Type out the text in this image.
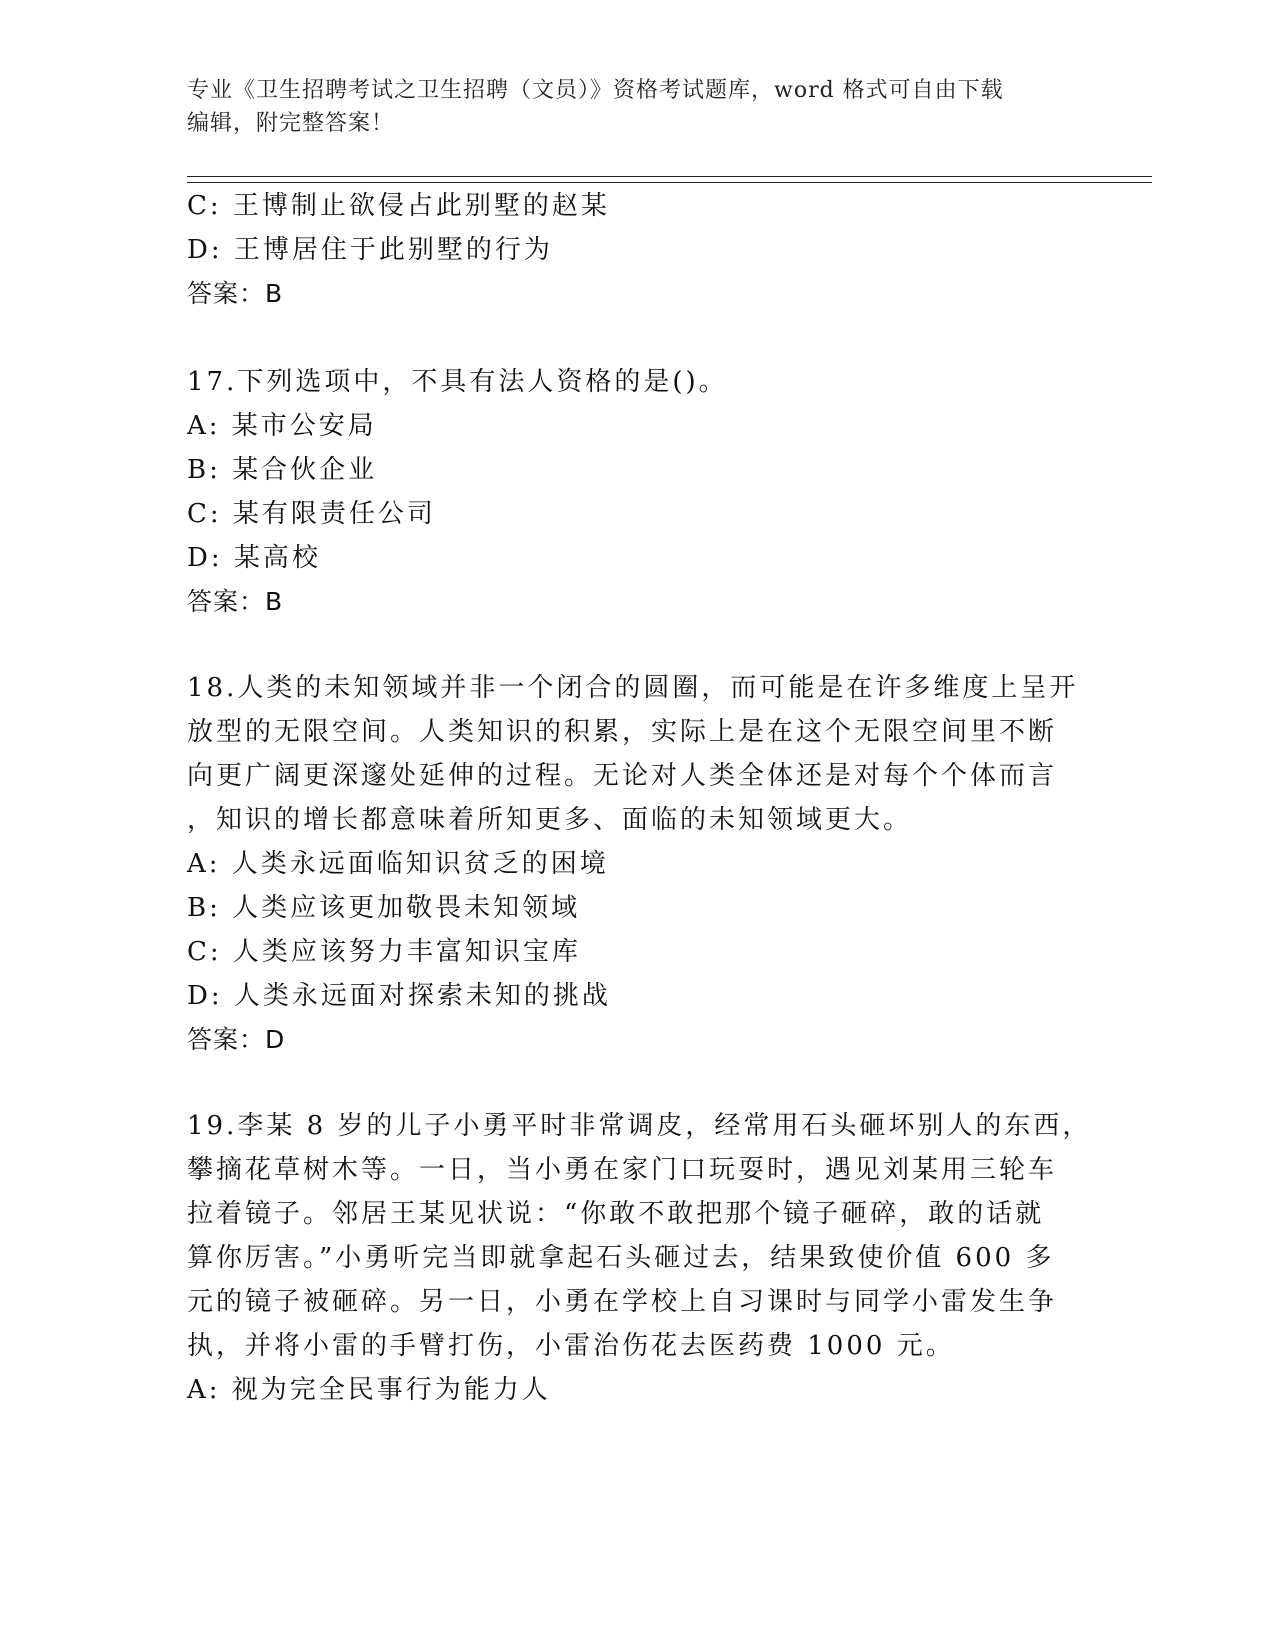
专业《卫生招聘考试之卫生招聘（文员）》资格考试题库，word 格式可自由下载
编辑，附完整答案！
C: 王博制止欲侵占此别墅的赵某
D: 王博居住于此别墅的行为
答案：B
17.下列选项中，不具有法人资格的是()。
A: 某市公安局
B: 某合伙企业
C: 某有限责任公司
D: 某高校
答案：B
18.人类的未知领域并非一个闭合的圆圈，而可能是在许多维度上呈开
放型的无限空间。人类知识的积累，实际上是在这个无限空间里不断
向更广阔更深邃处延伸的过程。无论对人类全体还是对每个个体而言
，知识的增长都意味着所知更多、面临的未知领域更大。
A: 人类永远面临知识贫乏的困境
B: 人类应该更加敬畏未知领域
C: 人类应该努力丰富知识宝库
D: 人类永远面对探索未知的挑战
答案：D
19.李某 8 岁的儿子小勇平时非常调皮，经常用石头砸坏别人的东西，
攀摘花草树木等。一日，当小勇在家门口玩耍时，遇见刘某用三轮车
拉着镜子。邻居王某见状说：“你敢不敢把那个镜子砸碎，敢的话就
算你厉害。”小勇听完当即就拿起石头砸过去，结果致使价值 600 多
元的镜子被砸碎。另一日，小勇在学校上自习课时与同学小雷发生争
执，并将小雷的手臂打伤，小雷治伤花去医药费 1000 元。
A: 视为完全民事行为能力人
